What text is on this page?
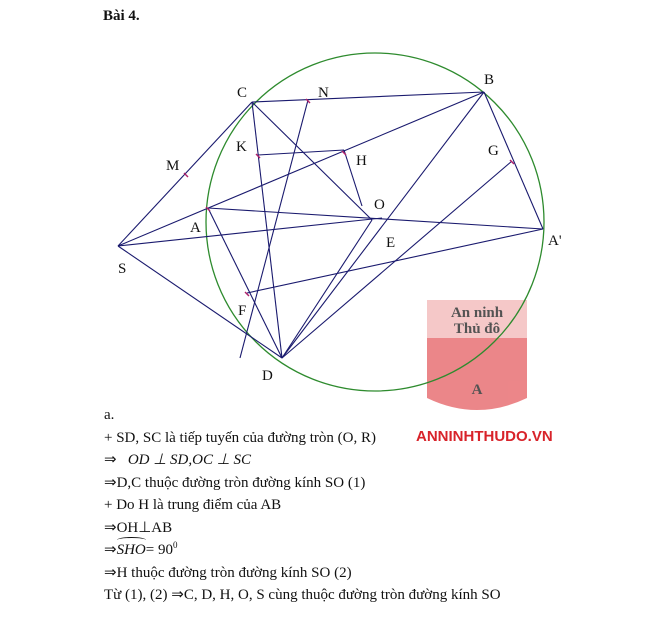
Bài 4.
An ninh
Thủ đô
A
C	N
B
M
K
H
G
O
A
E	A'
S
F
D
ANNINHTHUDO.VN
a.
+ SD, SC là tiếp tuyến của đường tròn (O, R)
⇒ OD ⊥ SD,OC ⊥ SC
⇒D,C thuộc đường tròn đường kính SO (1)
+ Do H là trung điểm của AB
⇒OH⊥AB
⇒SHO= $90^0$
⇒H thuộc đường tròn đường kính SO (2)
Từ (1), (2) ⇒C, D, H, O, S cùng thuộc đường tròn đường kính SO
